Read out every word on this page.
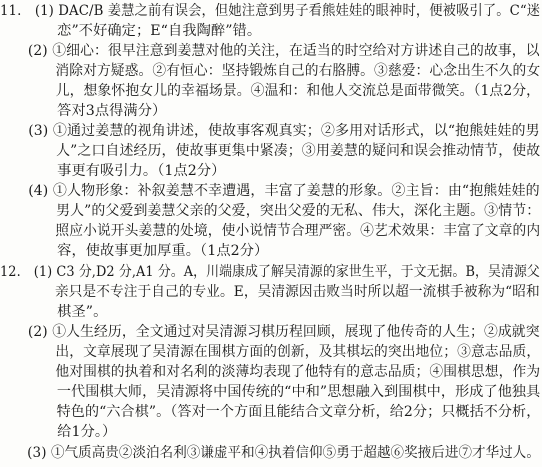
11.　(1) DAC/B 姜慧之前有误会，但她注意到男子看熊娃娃的眼神时，便被吸引了。C“迷
　　　　恋”不好确定；E“自我陶醉”错。
　　(2) ①细心：很早注意到姜慧对他的关注，在适当的时空给对方讲述自己的故事，以
　　　　消除对方疑惑。②有恒心：坚持锻炼自己的右胳膊。③慈爱：心念出生不久的女
　　　　儿，想象怀抱女儿的幸福场景。④温和：和他人交流总是面带微笑。（1点2分，
　　　　答对3点得满分）
　　(3) ①通过姜慧的视角讲述，使故事客观真实；②多用对话形式，以“抱熊娃娃的男
　　　　人”之口自述经历，使故事更集中紧凑；③用姜慧的疑问和误会推动情节，使故
　　　　事更有吸引力。（1点2分）
　　(4) ①人物形象：补叙姜慧不幸遭遇，丰富了姜慧的形象。②主旨：由“抱熊娃娃的
　　　　男人”的父爱到姜慧父亲的父爱，突出父爱的无私、伟大，深化主题。③情节：
　　　　照应小说开头姜慧的处境，使小说情节合理严密。④艺术效果：丰富了文章的内
　　　　容，使故事更加厚重。（1点2分）
12.　(1) C3 分,D2 分,A1 分。A，川端康成了解吴清源的家世生平，于文无据。B，吴清源父
　　　　亲只是不专注于自己的专业。E，吴清源因击败当时所以超一流棋手被称为“昭和
　　　　棋圣”。
　　(2) ①人生经历，全文通过对吴清源习棋历程回顾，展现了他传奇的人生；②成就突
　　　　出，文章展现了吴清源在围棋方面的创新，及其棋坛的突出地位；③意志品质，
　　　　他对围棋的执着和对名利的淡薄均表现了他特有的意志品质；④围棋思想，作为
　　　　一代围棋大师，吴清源将中国传统的“中和”思想融入到围棋中，形成了他独具
　　　　特色的“六合棋”。（答对一个方面且能结合文章分析，给2分；只概括不分析，
　　　　给1分。）
　　(3) ①气质高贵②淡泊名利③谦虚平和④执着信仰⑤勇于超越⑥奖掖后进⑦才华过人。
